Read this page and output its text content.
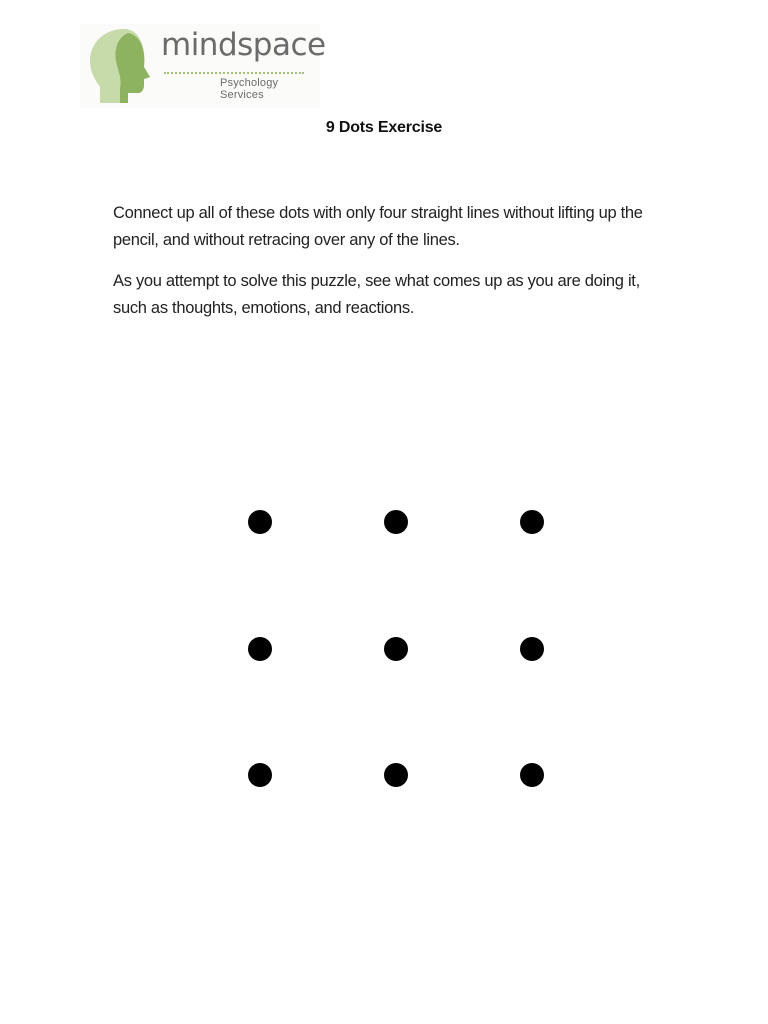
mindspace
Psychology Services
9 Dots Exercise

Connect up all of these dots with only four straight lines without lifting up the pencil, and without retracing over any of the lines.

As you attempt to solve this puzzle, see what comes up as you are doing it, such as thoughts, emotions, and reactions.
